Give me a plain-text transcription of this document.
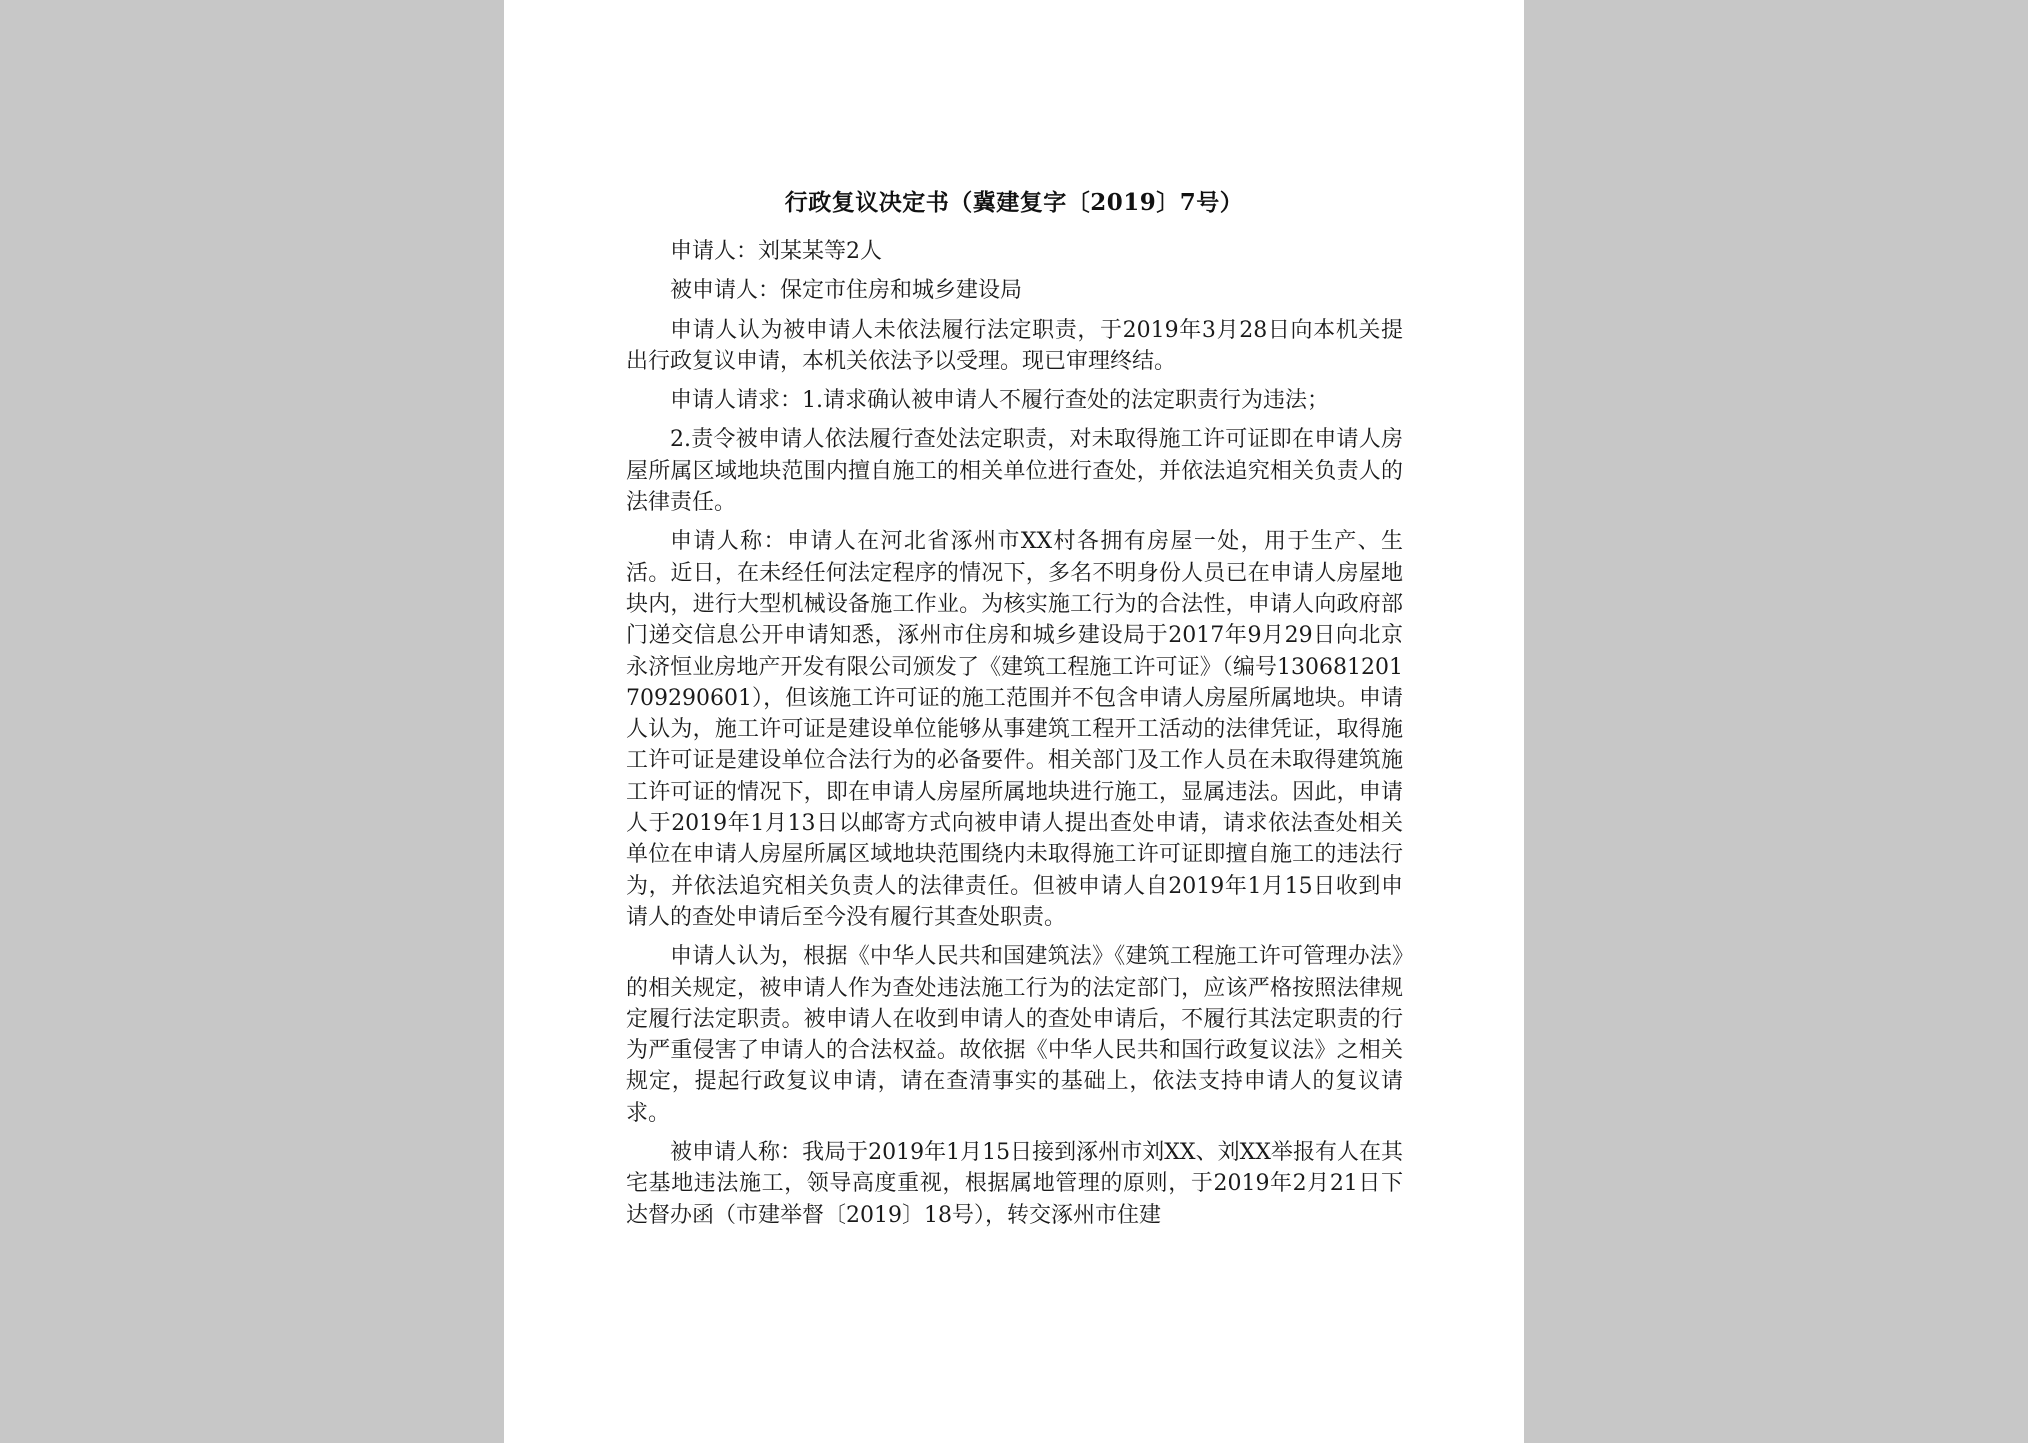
行政复议决定书（冀建复字〔2019〕7号）

申请人：刘某某等2人

被申请人：保定市住房和城乡建设局

申请人认为被申请人未依法履行法定职责，于2019年3月28日向本机关提出行政复议申请，本机关依法予以受理。现已审理终结。

申请人请求：1.请求确认被申请人不履行查处的法定职责行为违法；

2.责令被申请人依法履行查处法定职责，对未取得施工许可证即在申请人房屋所属区域地块范围内擅自施工的相关单位进行查处，并依法追究相关负责人的法律责任。

申请人称：申请人在河北省涿州市XX村各拥有房屋一处，用于生产、生活。近日，在未经任何法定程序的情况下，多名不明身份人员已在申请人房屋地块内，进行大型机械设备施工作业。为核实施工行为的合法性，申请人向政府部门递交信息公开申请知悉，涿州市住房和城乡建设局于2017年9月29日向北京永济恒业房地产开发有限公司颁发了《建筑工程施工许可证》（编号130681201709290601），但该施工许可证的施工范围并不包含申请人房屋所属地块。申请人认为，施工许可证是建设单位能够从事建筑工程开工活动的法律凭证，取得施工许可证是建设单位合法行为的必备要件。相关部门及工作人员在未取得建筑施工许可证的情况下，即在申请人房屋所属地块进行施工，显属违法。因此，申请人于2019年1月13日以邮寄方式向被申请人提出查处申请，请求依法查处相关单位在申请人房屋所属区域地块范围绕内未取得施工许可证即擅自施工的违法行为，并依法追究相关负责人的法律责任。但被申请人自2019年1月15日收到申请人的查处申请后至今没有履行其查处职责。

申请人认为，根据《中华人民共和国建筑法》《建筑工程施工许可管理办法》的相关规定，被申请人作为查处违法施工行为的法定部门，应该严格按照法律规定履行法定职责。被申请人在收到申请人的查处申请后，不履行其法定职责的行为严重侵害了申请人的合法权益。故依据《中华人民共和国行政复议法》之相关规定，提起行政复议申请，请在查清事实的基础上，依法支持申请人的复议请求。

被申请人称：我局于2019年1月15日接到涿州市刘XX、刘XX举报有人在其宅基地违法施工，领导高度重视，根据属地管理的原则，于2019年2月21日下达督办函（市建举督〔2019〕18号），转交涿州市住建
